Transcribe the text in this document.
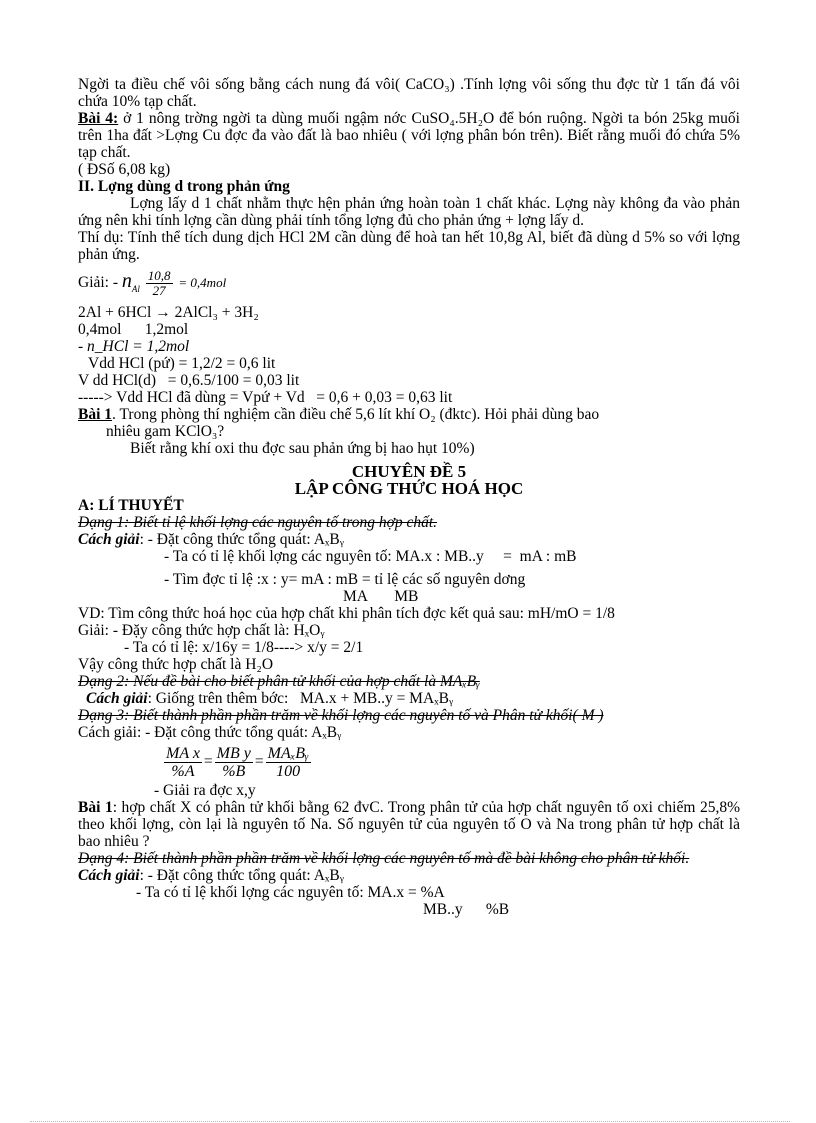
Ngời ta điều chế vôi sống bằng cách nung đá vôi( CaCO₃) .Tính lợng vôi sống thu đợc từ 1 tấn đá vôi chứa 10% tạp chất.

Bài 4: ở 1 nông trờng ngời ta dùng muối ngậm nớc CuSO₄.5H₂O để bón ruộng. Ngời ta bón 25kg muối trên 1ha đất >Lợng Cu đợc đa vào đất là bao nhiêu ( với lợng phân bón trên). Biết rằng muối đó chứa 5% tạp chất.

( ĐSố 6,08 kg)

II. Lợng dùng d trong phản ứng

Lợng lấy d 1 chất nhằm thực hện phản ứng hoàn toàn 1 chất khác. Lợng này không đa vào phản ứng nên khi tính lợng cần dùng phải tính tổng lợng đủ cho phản ứng + lợng lấy d.

Thí dụ: Tính thể tích dung dịch HCl 2M cần dùng để hoà tan hết 10,8g Al, biết đã dùng d 5% so với lợng phản ứng.

Giải: - $n_{Al} \frac{10,8}{27} = 0,4mol$

2Al + 6HCl → 2AlCl₃ + 3H₂

0,4mol      1,2mol

- n_HCl = 1,2mol

Vdd HCl (pứ) = 1,2/2 = 0,6 lit

V dd HCl(d)   = 0,6.5/100 = 0,03 lit

-----> Vdd HCl đã dùng = Vpứ + Vd   = 0,6 + 0,03 = 0,63 lit

Bài 1. Trong phòng thí nghiệm cần điều chế 5,6 lít khí O₂ (đktc). Hỏi phải dùng bao

nhiêu gam KClO₃?

Biết rằng khí oxi thu đợc sau phản ứng bị hao hụt 10%)

CHUYÊN ĐỀ 5

LẬP CÔNG THỨC HOÁ HỌC

A: LÍ THUYẾT

Dạng 1: Biết tỉ lệ khối lợng các nguyên tố trong hợp chất.

Cách giải: - Đặt công thức tổng quát: AₓBᵧ

- Ta có tỉ lệ khối lợng các nguyên tố: MA.x : MB..y     =  mA : mB

- Tìm đợc tỉ lệ :x : y= mA : mB = tỉ lệ các số nguyên dơng

MA       MB

VD: Tìm công thức hoá học của hợp chất khi phân tích đợc kết quả sau: mH/mO = 1/8

Giải: - Đặy công thức hợp chất là: HₓOᵧ

- Ta có tỉ lệ: x/16y = 1/8----> x/y = 2/1

Vậy công thức hợp chất là H₂O

Dạng 2: Nếu đề bài cho biết phân tử khối của hợp chất là MAₓBᵧ

Cách giải: Giống trên thêm bớc:   MA.x + MB..y = MAₓBᵧ

Dạng 3: Biết thành phần phần trăm về khối lợng các nguyên tố và Phân tử khối( M )

Cách giải: - Đặt công thức tổng quát: AₓBᵧ

$\frac{\text{MA x}}{\%A} = \frac{\text{MB y}}{\%B} = \frac{\text{MAₓBᵧ}}{100}$

- Giải ra đợc x,y

Bài 1: hợp chất X có phân tử khối bằng 62 đvC. Trong phân tử của hợp chất nguyên tố oxi chiếm 25,8% theo khối lợng, còn lại là nguyên tố Na. Số nguyên tử của nguyên tố O và Na trong phân tử hợp chất là bao nhiêu ?

Dạng 4: Biết thành phần phần trăm về khối lợng các nguyên tố mà đề bài không cho phân tử khối.

Cách giải: - Đặt công thức tổng quát: AₓBᵧ

- Ta có tỉ lệ khối lợng các nguyên tố: MA.x = %A

MB..y      %B
